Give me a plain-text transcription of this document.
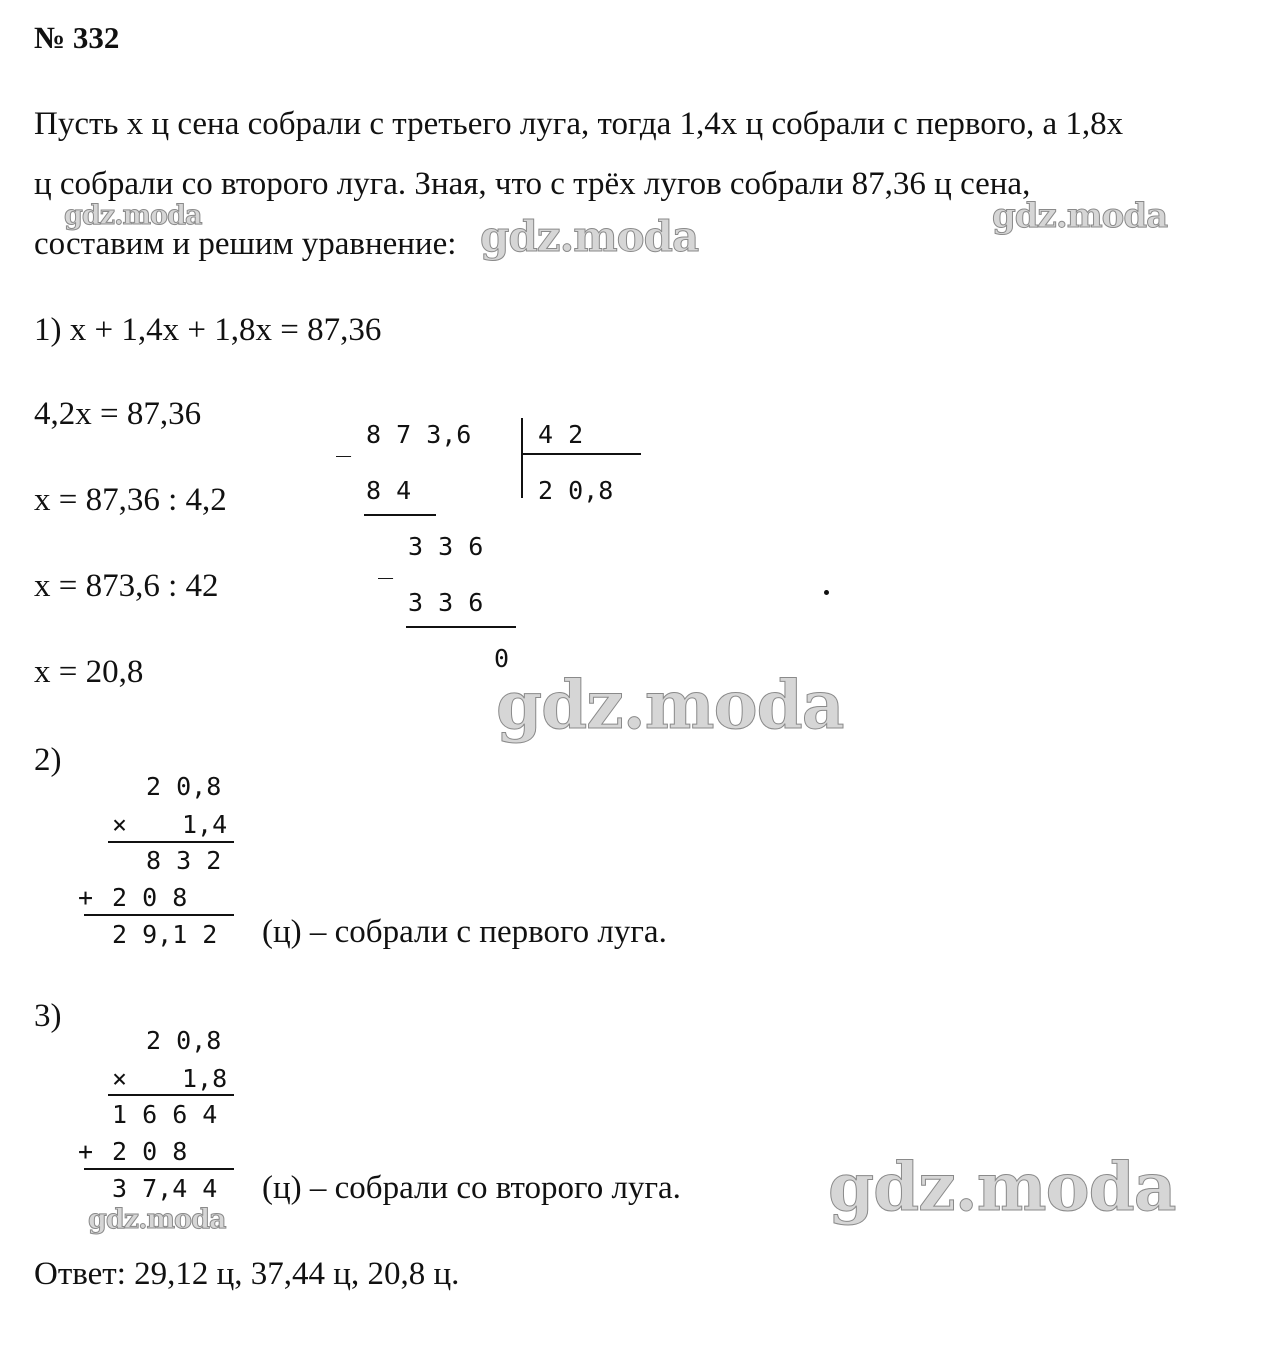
№ 332
Пусть x ц сена собрали с третьего луга, тогда 1,4x ц собрали с первого, а 1,8x
ц собрали со второго луга. Зная, что с трёх лугов собрали 87,36 ц сена,
составим и решим уравнение:
1) x + 1,4x + 1,8x = 87,36
4,2x = 87,36
x = 87,36 : 4,2
x = 873,6 : 42
x = 20,8
_ 8 7 3,6	4 2
2 0,8
8 4
_
3 3 6
3 3 6
0
2)
2 0,8
× 1,4
8 3 2
+ 2 0 8
2 9,1 2 (ц) – собрали с первого луга.
3)
2 0,8
× 1,8
1 6 6 4
+ 2 0 8
3 7,4 4 (ц) – собрали со второго луга.
Ответ: 29,12 ц, 37,44 ц, 20,8 ц.
gdz.moda	gdz.moda	gdz.moda
gdz.moda
gdz.moda
gdz.moda
